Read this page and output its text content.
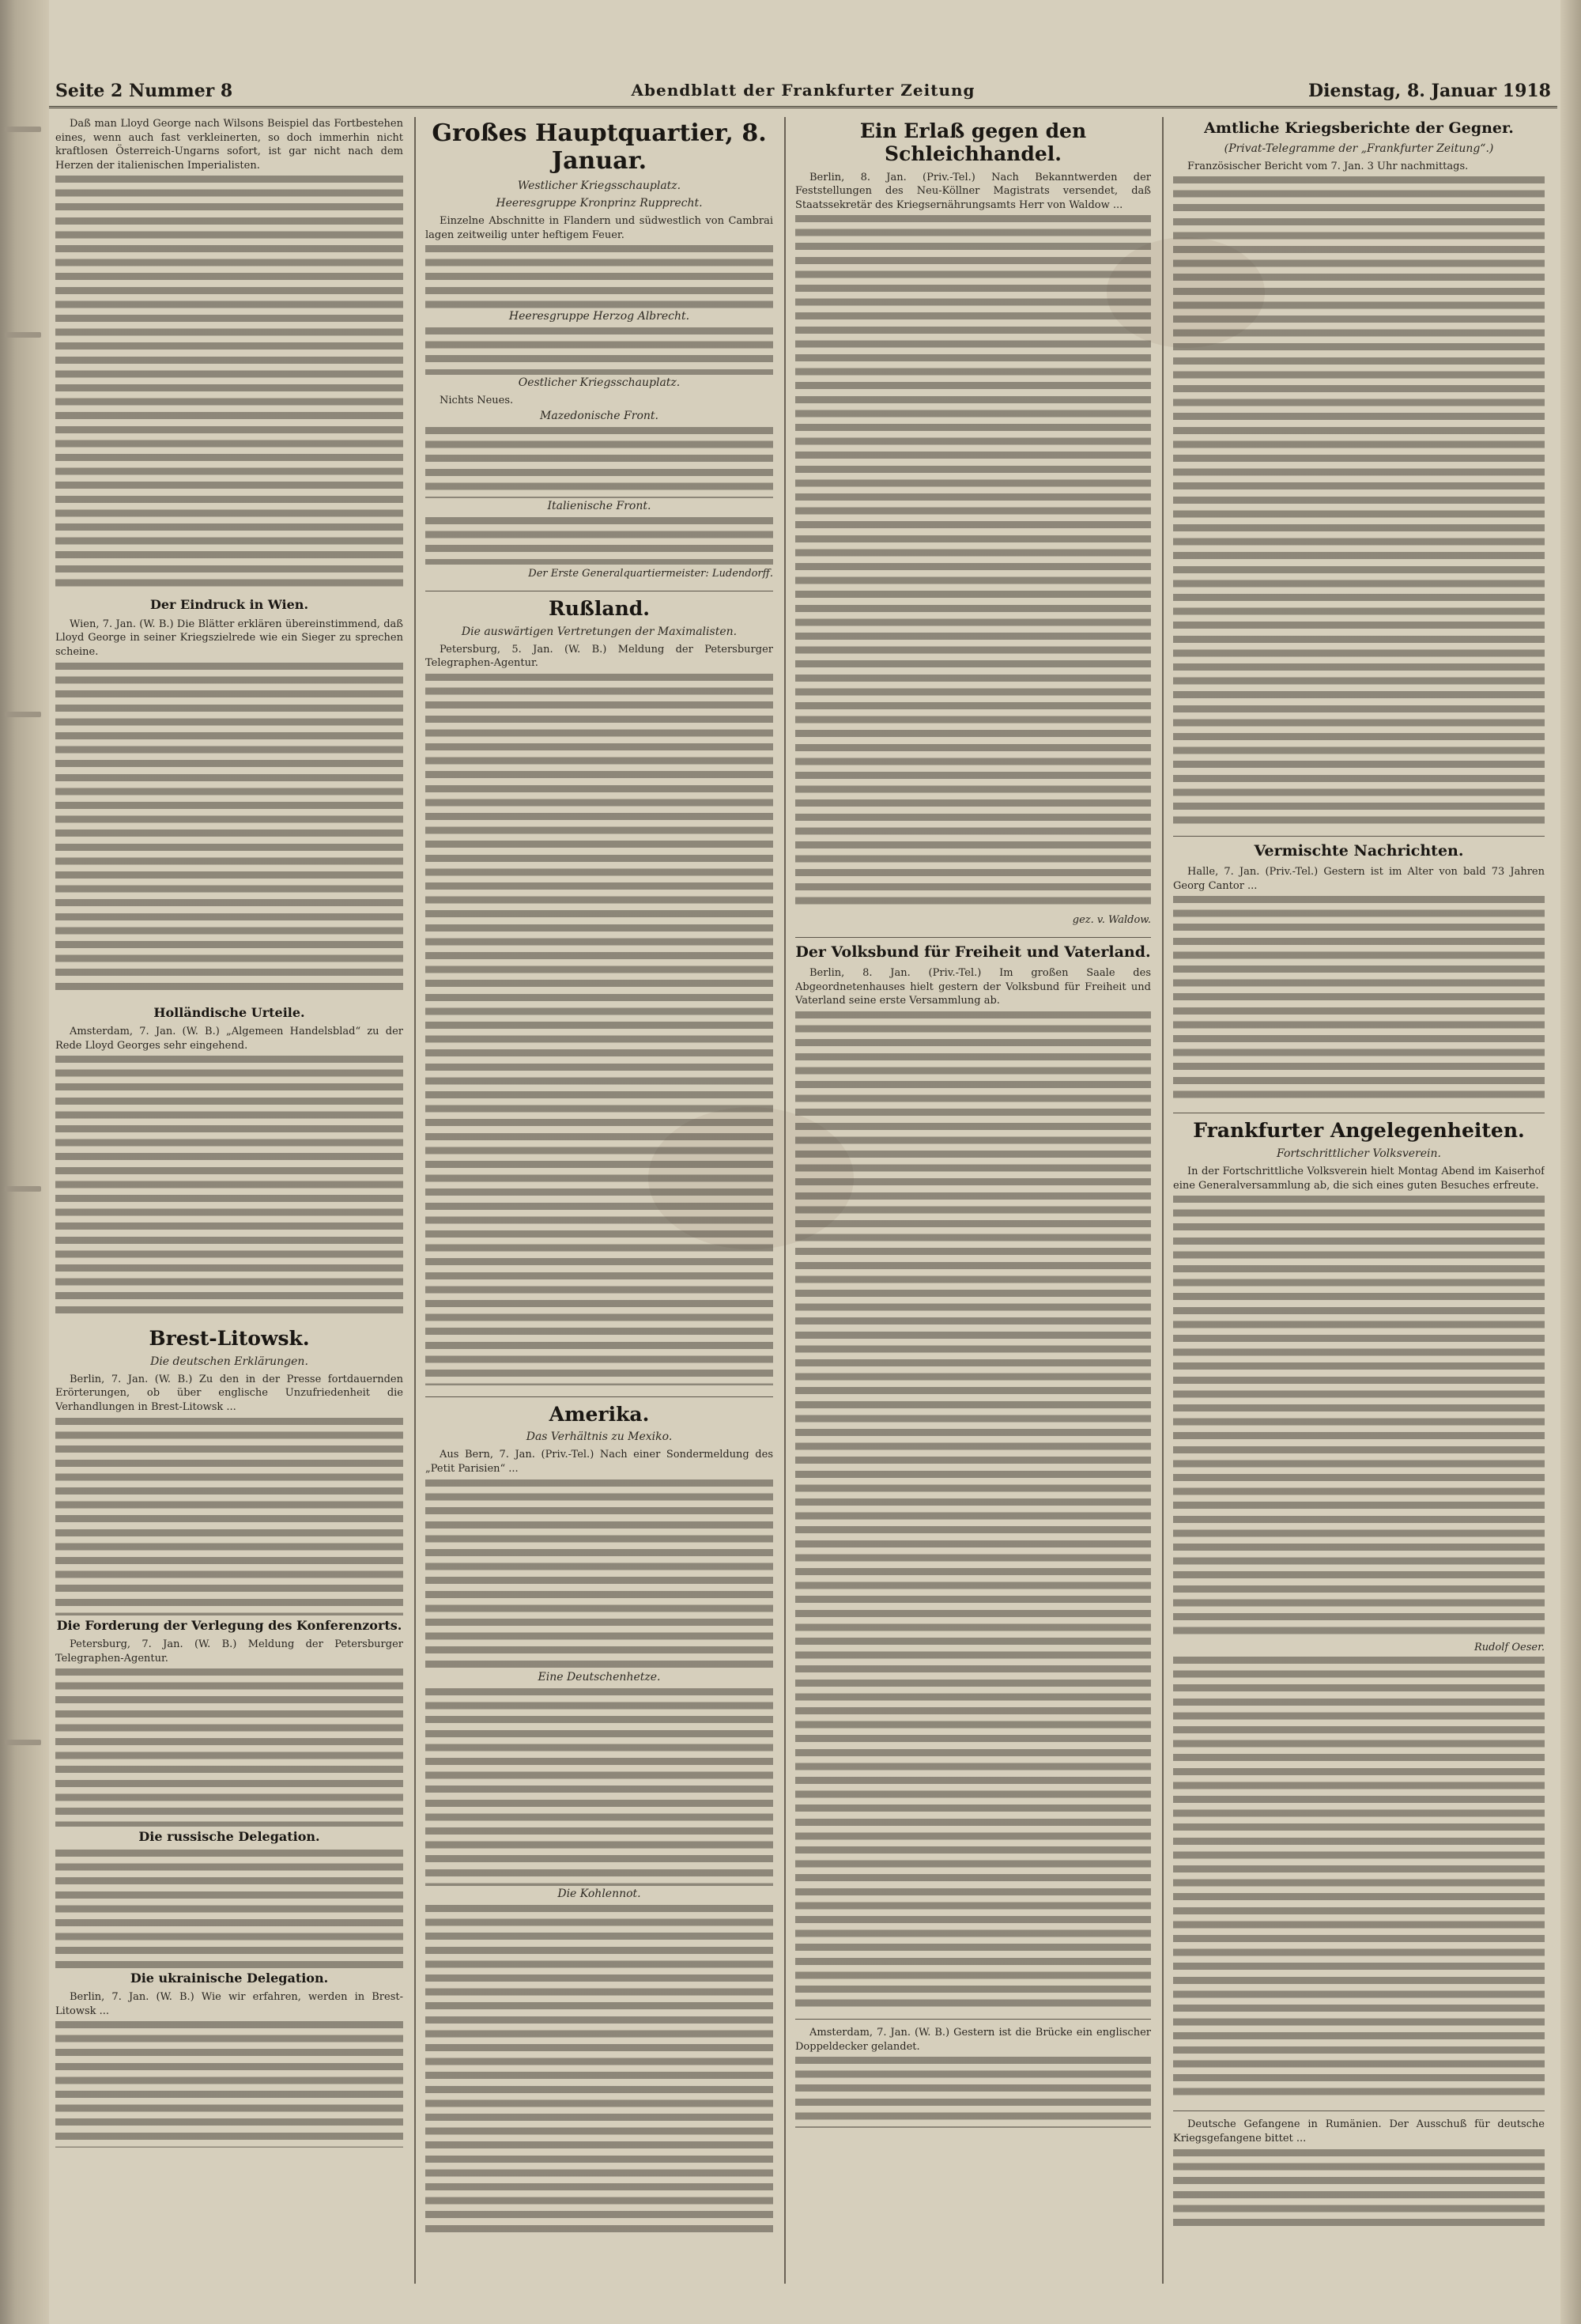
Seite 2 Nummer 8	Abendblatt der Frankfurter Zeitung	Dienstag, 8. Januar 1918
Daß man Lloyd George nach Wilsons Beispiel das Fortbestehen eines, wenn auch fast verkleinerten, so doch immerhin nicht kraftlosen Österreich-Ungarns sofort, ist gar nicht nach dem Herzen der italienischen Imperialisten.
Der Eindruck in Wien.
Wien, 7. Jan. (W. B.) Die Blätter erklären übereinstimmend, daß Lloyd George in seiner Kriegszielrede wie ein Sieger zu sprechen scheine.
Holländische Urteile.
Amsterdam, 7. Jan. (W. B.) „Algemeen Handelsblad“ zu der Rede Lloyd Georges sehr eingehend.
Brest-Litowsk.
Die deutschen Erklärungen.
Berlin, 7. Jan. (W. B.) Zu den in der Presse fortdauernden Erörterungen, ob über englische Unzufriedenheit die Verhandlungen in Brest-Litowsk ...
Die Forderung der Verlegung des Konferenzorts.
Petersburg, 7. Jan. (W. B.) Meldung der Petersburger Telegraphen-Agentur.
Die russische Delegation.
Die ukrainische Delegation.
Berlin, 7. Jan. (W. B.) Wie wir erfahren, werden in Brest-Litowsk ...
Großes Hauptquartier, 8. Januar.
Westlicher Kriegsschauplatz.
Heeresgruppe Kronprinz Rupprecht.
Einzelne Abschnitte in Flandern und südwestlich von Cambrai lagen zeitweilig unter heftigem Feuer.
Heeresgruppe Herzog Albrecht.
Oestlicher Kriegsschauplatz.
Nichts Neues.
Mazedonische Front.
Italienische Front.
Der Erste Generalquartiermeister: Ludendorff.
Rußland.
Die auswärtigen Vertretungen der Maximalisten.
Petersburg, 5. Jan. (W. B.) Meldung der Petersburger Telegraphen-Agentur.
Amerika.
Das Verhältnis zu Mexiko.
Aus Bern, 7. Jan. (Priv.-Tel.) Nach einer Sondermeldung des „Petit Parisien“ ...
Eine Deutschenhetze.
Die Kohlennot.
Ein Erlaß gegen den Schleichhandel.
Berlin, 8. Jan. (Priv.-Tel.) Nach Bekanntwerden der Feststellungen des Neu-Köllner Magistrats versendet, daß Staatssekretär des Kriegsernährungsamts Herr von Waldow ...
gez. v. Waldow.
Der Volksbund für Freiheit und Vaterland.
Berlin, 8. Jan. (Priv.-Tel.) Im großen Saale des Abgeordnetenhauses hielt gestern der Volksbund für Freiheit und Vaterland seine erste Versammlung ab.
Amsterdam, 7. Jan. (W. B.) Gestern ist die Brücke ein englischer Doppeldecker gelandet.
Amtliche Kriegsberichte der Gegner.
(Privat-Telegramme der „Frankfurter Zeitung“.)
Französischer Bericht vom 7. Jan. 3 Uhr nachmittags.
Vermischte Nachrichten.
Halle, 7. Jan. (Priv.-Tel.) Gestern ist im Alter von bald 73 Jahren Georg Cantor ...
Frankfurter Angelegenheiten.
Fortschrittlicher Volksverein.
In der Fortschrittliche Volksverein hielt Montag Abend im Kaiserhof eine Generalversammlung ab, die sich eines guten Besuches erfreute.
Rudolf Oeser.
Deutsche Gefangene in Rumänien. Der Ausschuß für deutsche Kriegsgefangene bittet ...
